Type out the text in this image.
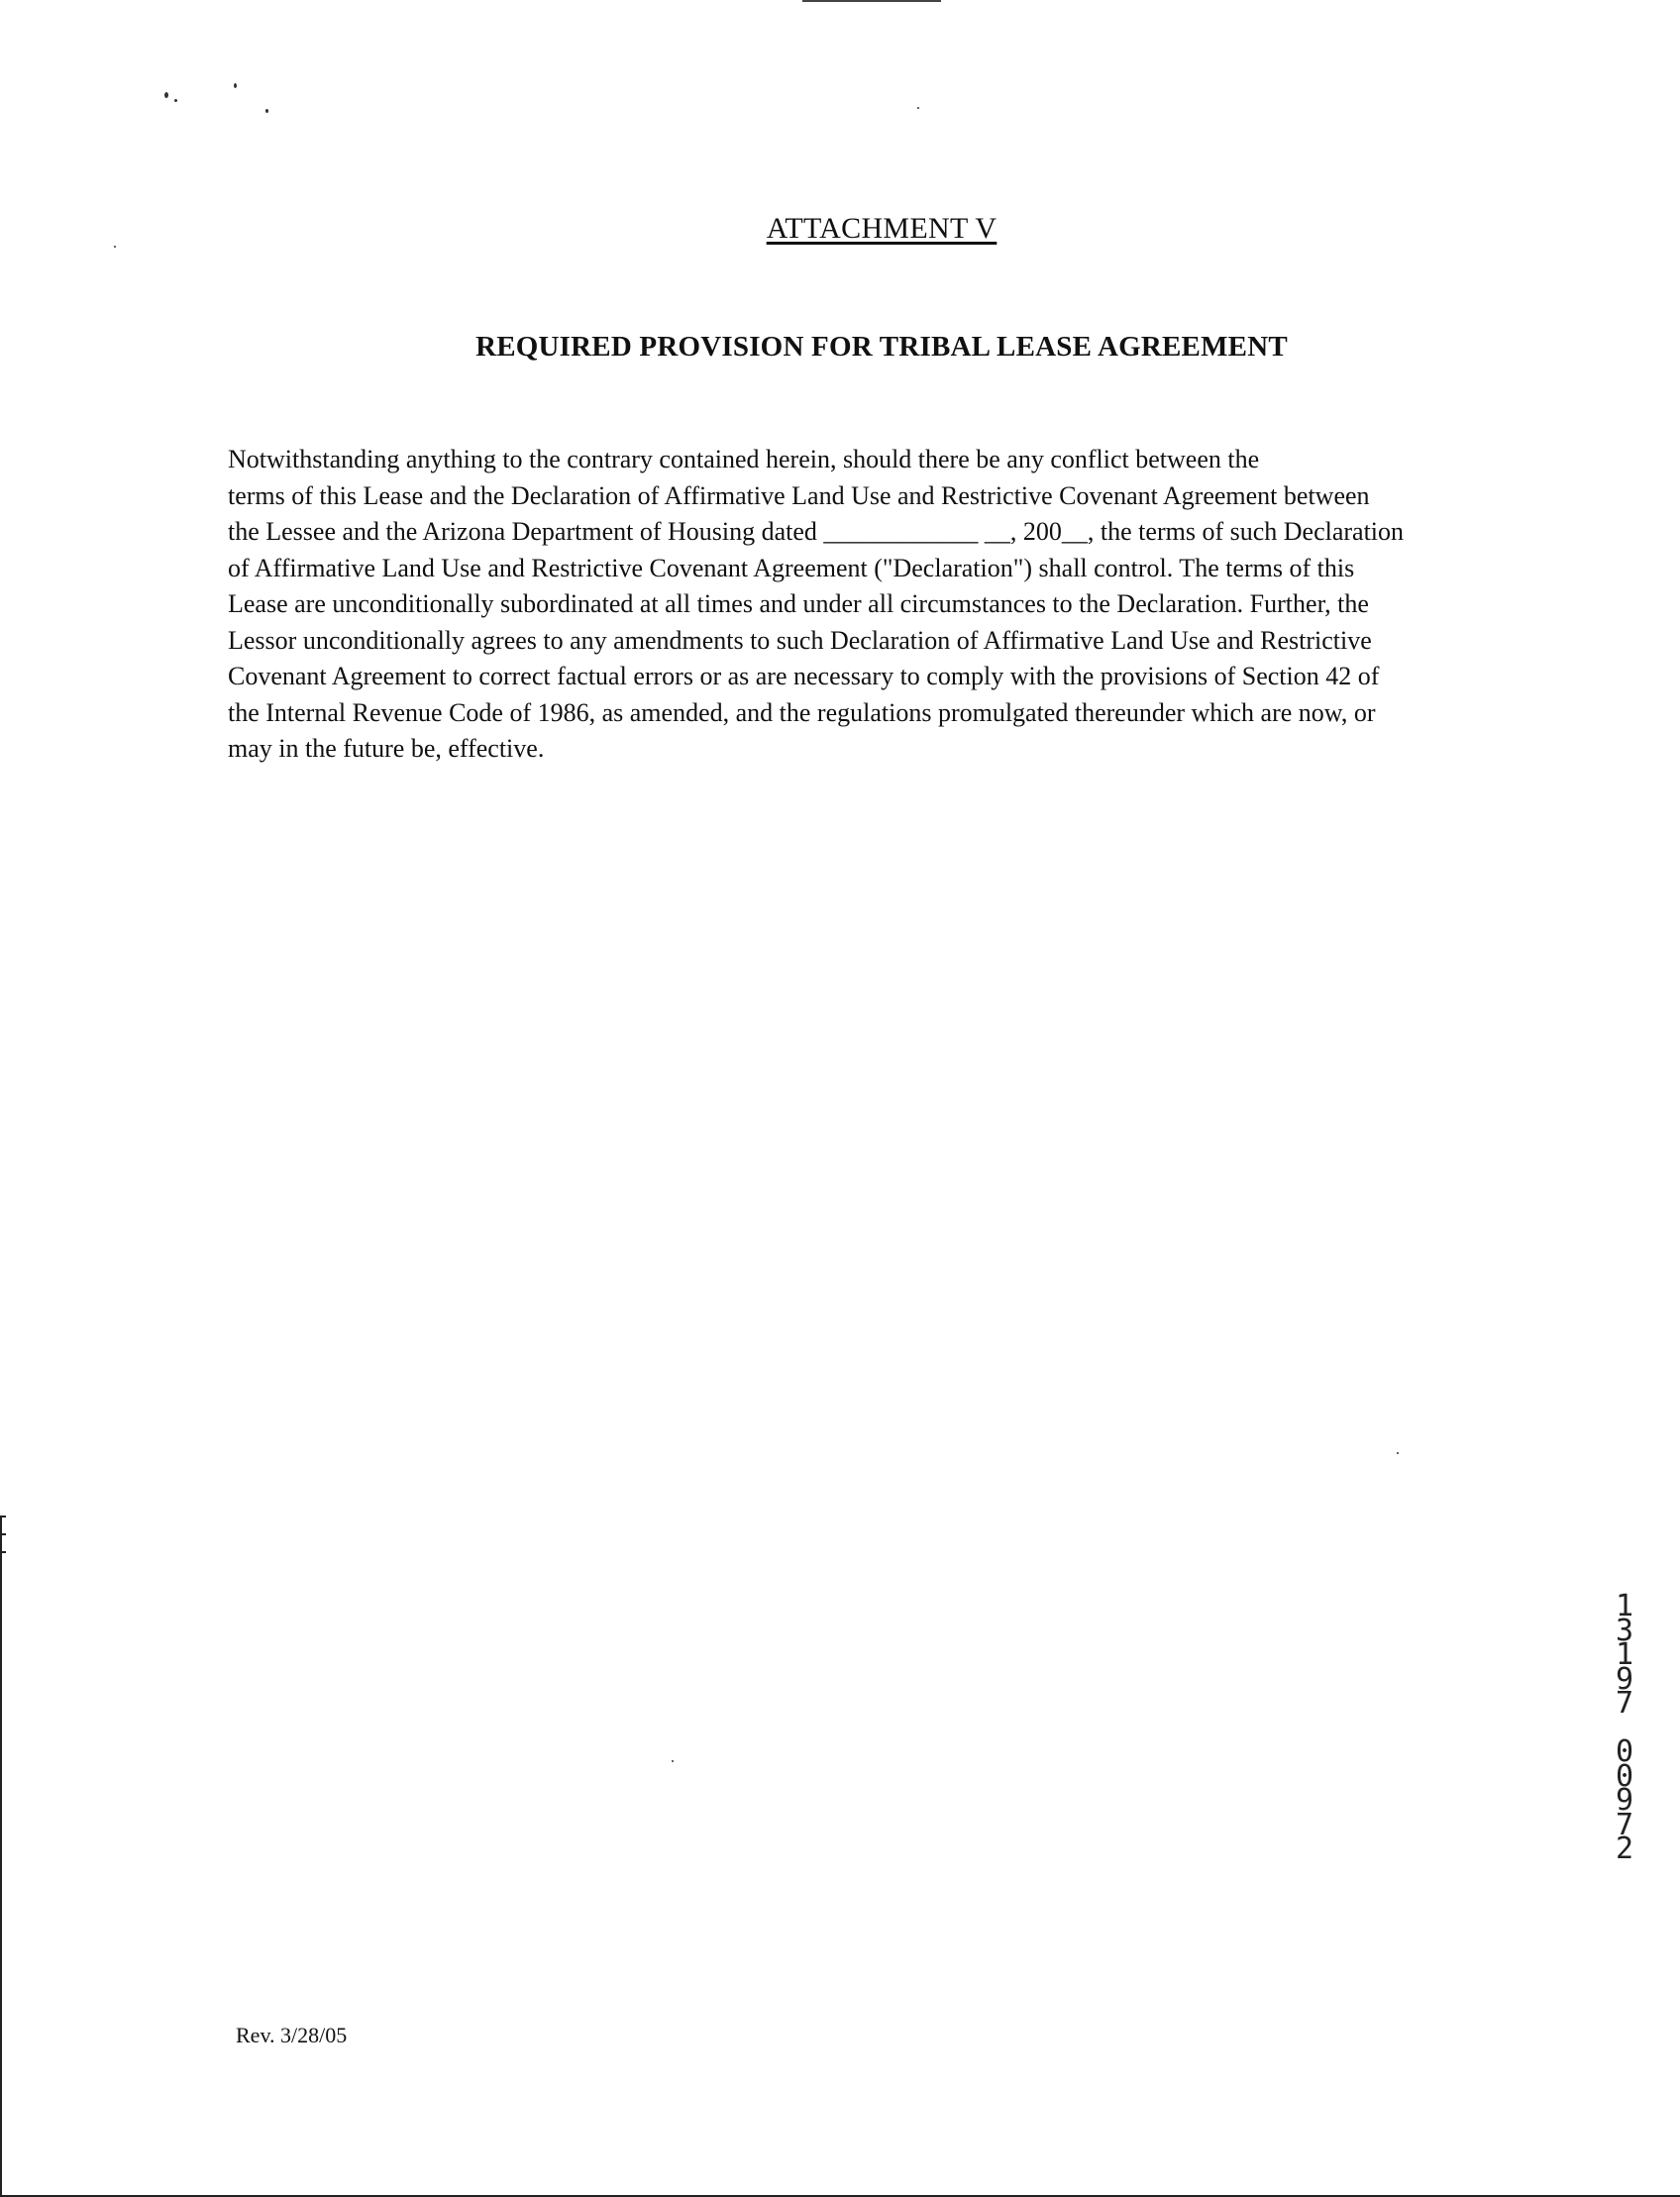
ATTACHMENT V
REQUIRED PROVISION FOR TRIBAL LEASE AGREEMENT
Notwithstanding anything to the contrary contained herein, should there be any conflict between the
terms of this Lease and the Declaration of Affirmative Land Use and Restrictive Covenant Agreement between
the Lessee and the Arizona Department of Housing dated ____________ __, 200__, the terms of such Declaration
of Affirmative Land Use and Restrictive Covenant Agreement ("Declaration") shall control. The terms of this
Lease are unconditionally subordinated at all times and under all circumstances to the Declaration. Further, the
Lessor unconditionally agrees to any amendments to such Declaration of Affirmative Land Use and Restrictive
Covenant Agreement to correct factual errors or as are necessary to comply with the provisions of Section 42 of
the Internal Revenue Code of 1986, as amended, and the regulations promulgated thereunder which are now, or
may in the future be, effective.
Rev. 3/28/05
1
3
1
9
7

0
0
9
7
2
